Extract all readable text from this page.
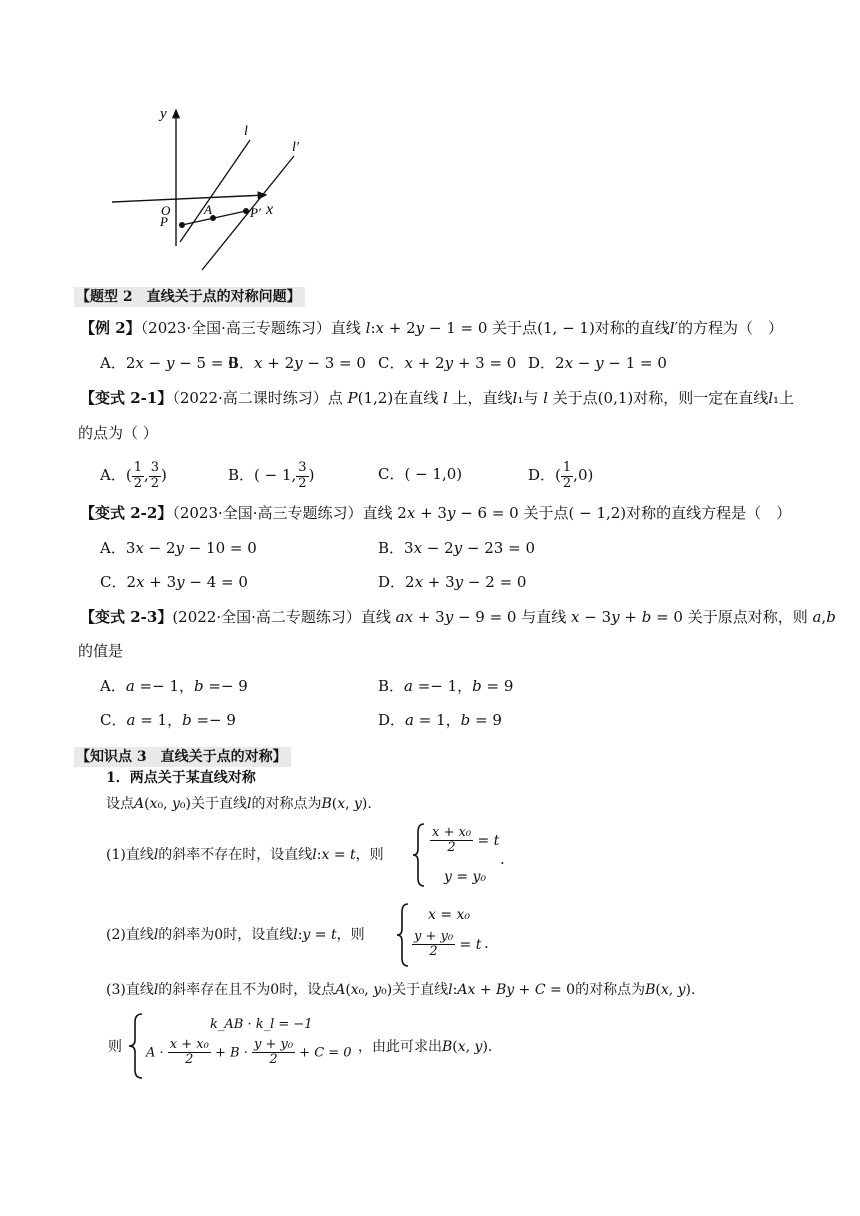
y
x
l
l′
O
P
A	P′
【题型 2　直线关于点的对称问题】
【例 2】（2023·全国·高三专题练习）直线 𝑙:𝑥 + 2𝑦 − 1 = 0 关于点(1, − 1)对称的直线𝑙′的方程为（　）
A．2𝑥 − 𝑦 − 5 = 0
B．𝑥 + 2𝑦 − 3 = 0 C．𝑥 + 2𝑦 + 3 = 0 D．2𝑥 − 𝑦 − 1 = 0
【变式 2-1】（2022·高二课时练习）点 𝑃(1,2)在直线 𝑙 上，直线𝑙₁与 𝑙 关于点(0,1)对称，则一定在直线𝑙₁上
的点为（ ）
A．( $\frac{1}{2}$ , $\frac{3}{2}$ )	B．( − 1, $\frac{3}{2}$ )	C．( − 1,0)	D．( $\frac{1}{2} ,0$)
【变式 2-2】（2023·全国·高三专题练习）直线 2𝑥 + 3𝑦 − 6 = 0 关于点( − 1,2)对称的直线方程是（　）
A．3𝑥 − 2𝑦 − 10 = 0	B．3𝑥 − 2𝑦 − 23 = 0
C．2𝑥 + 3𝑦 − 4 = 0	D．2𝑥 + 3𝑦 − 2 = 0
【变式 2-3】(2022·全国·高二专题练习）直线 𝑎𝑥 + 3𝑦 − 9 = 0 与直线 𝑥 − 3𝑦 + 𝑏 = 0 关于原点对称，则 𝑎,𝑏
的值是
A．𝑎 =− 1，𝑏 =− 9	B．𝑎 =− 1，𝑏 = 9
C．𝑎 = 1，𝑏 =− 9	D．𝑎 = 1，𝑏 = 9
【知识点 3　直线关于点的对称】
1．两点关于某直线对称
设点𝐴(𝑥₀, 𝑦₀)关于直线𝑙的对称点为𝐵(𝑥, 𝑦).
(1)直线𝑙的斜率不存在时，设直线𝑙:𝑥 = 𝑡，则	$\frac{\text{x + x₀}}{2} = t$
y = y₀
.
(2)直线𝑙的斜率为0时，设直线𝑙:𝑦 = 𝑡，则
x = x₀
$\frac{\text{y + y₀}}{2} = t$ .
(3)直线𝑙的斜率存在且不为0时，设点𝐴(𝑥₀, 𝑦₀)关于直线𝑙:𝐴𝑥 + 𝐵𝑦 + 𝐶 = 0的对称点为𝐵(𝑥, 𝑦).
则
k_AB · k_l = −1
$A \cdot \frac{\text{x + x₀}}{2} + B \cdot \frac{\text{y + y₀}}{2} + C = 0$ ，由此可求出𝐵(𝑥, 𝑦).
